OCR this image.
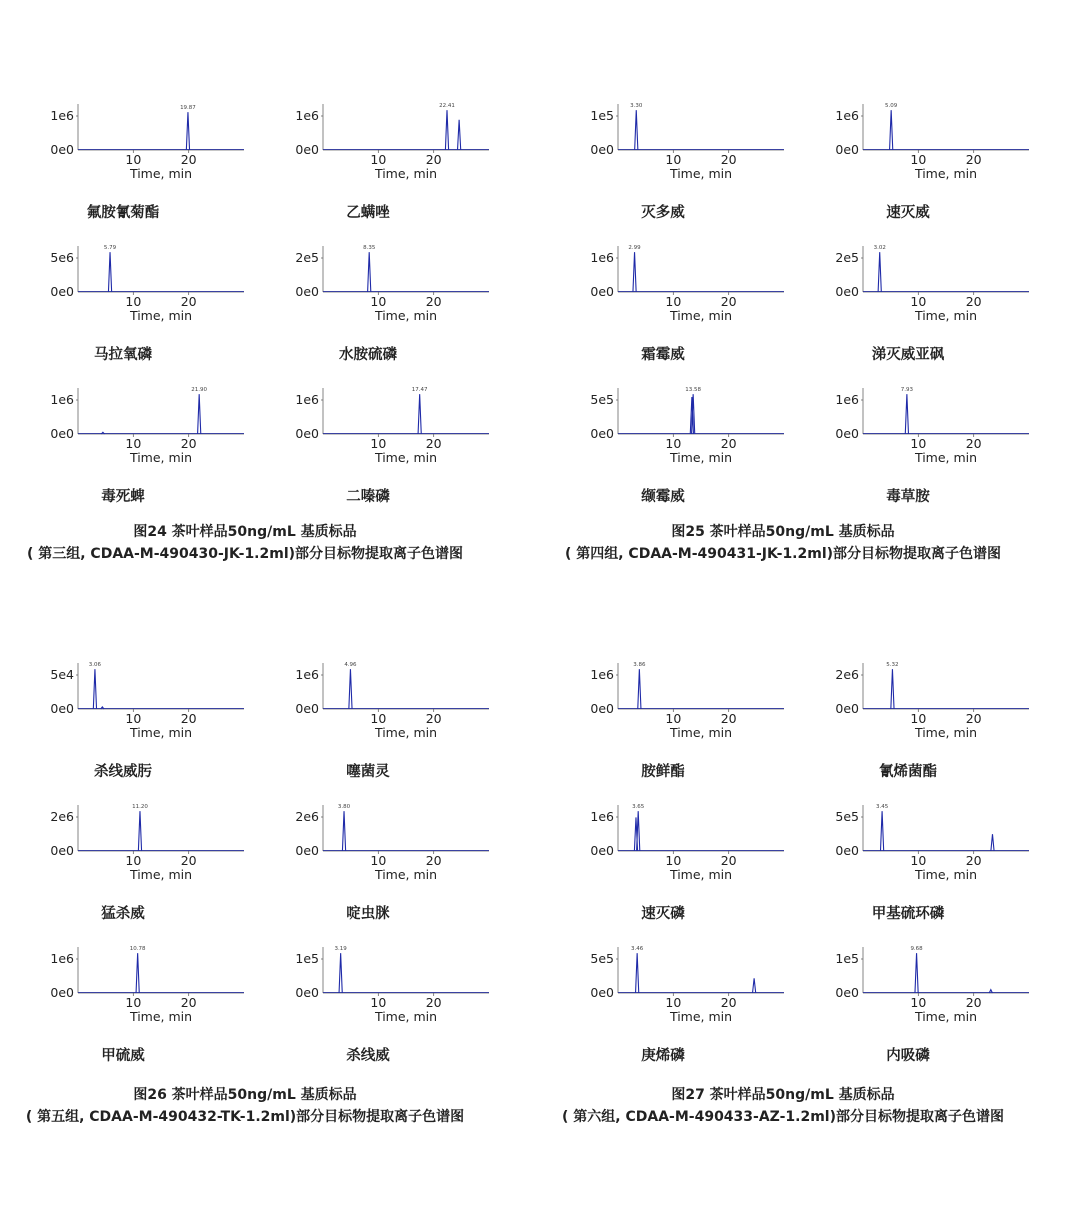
1e6
0e0
10	20
Time, min
19.87
氟胺氰菊酯
1e6
0e0
10	20
Time, min
22.41
乙螨唑
5e6
0e0
10	20
Time, min
5.79
马拉氧磷
2e5
0e0
10	20
Time, min
8.35
水胺硫磷
1e6
0e0
10	20
Time, min
21.90
毒死蜱
1e6
0e0
10	20
Time, min
17.47
二嗪磷
图24 茶叶样品50ng/mL 基质标品
( 第三组, CDAA-M-490430-JK-1.2ml)部分目标物提取离子色谱图
1e5
0e0
10	20
Time, min
3.30
灭多威
1e6
0e0
10	20
Time, min
5.09
速灭威
1e6
0e0
10	20
Time, min
2.99
霜霉威
2e5
0e0
10	20
Time, min
3.02
涕灭威亚砜
5e5
0e0
10	20
Time, min
13.58
缬霉威
1e6
0e0
10	20
Time, min
7.93
毒草胺
图25 茶叶样品50ng/mL 基质标品
( 第四组, CDAA-M-490431-JK-1.2ml)部分目标物提取离子色谱图
5e4
0e0
10	20
Time, min
3.06
杀线威肟
1e6
0e0
10	20
Time, min
4.96
噻菌灵
2e6
0e0
10	20
Time, min
11.20
猛杀威
2e6
0e0
10	20
Time, min
3.80
啶虫脒
1e6
0e0
10	20
Time, min
10.78
甲硫威
1e5
0e0
10	20
Time, min
3.19
杀线威
图26 茶叶样品50ng/mL 基质标品
( 第五组, CDAA-M-490432-TK-1.2ml)部分目标物提取离子色谱图
1e6
0e0
10	20
Time, min
3.86
胺鲜酯
2e6
0e0
10	20
Time, min
5.32
氰烯菌酯
1e6
0e0
10	20
Time, min
3.65
速灭磷
5e5
0e0
10	20
Time, min
3.45
甲基硫环磷
5e5
0e0
10	20
Time, min
3.46
庚烯磷
1e5
0e0
10	20
Time, min
9.68
内吸磷
图27 茶叶样品50ng/mL 基质标品
( 第六组, CDAA-M-490433-AZ-1.2ml)部分目标物提取离子色谱图
